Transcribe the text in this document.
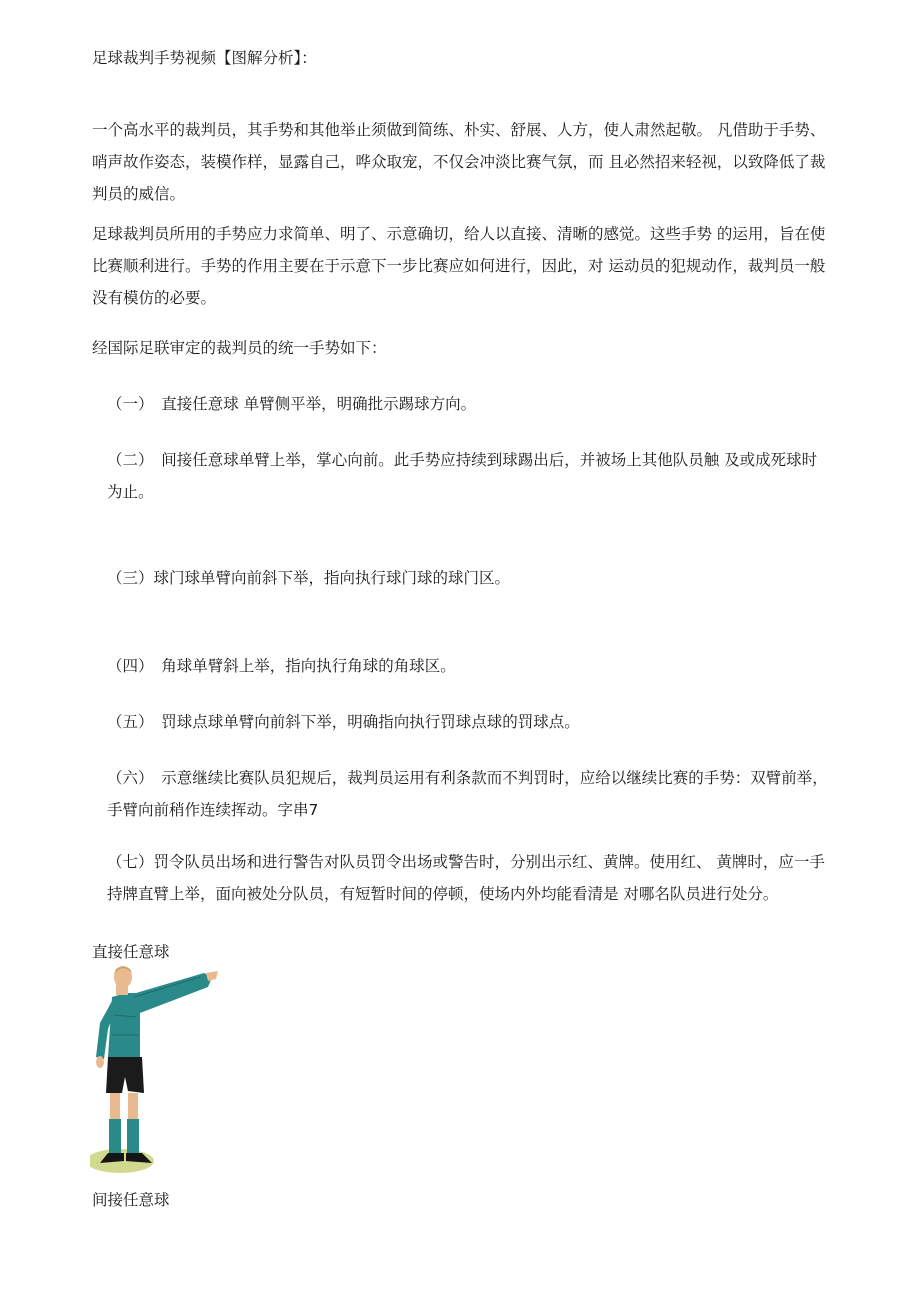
足球裁判手势视频【图解分析】：

一个高水平的裁判员，其手势和其他举止须做到简练、朴实、舒展、人方，使人肃然起敬。 凡借助于手势、哨声故作姿态，装模作样，显露自己，哗众取宠，不仅会冲淡比赛气氛，而 且必然招来轻视，以致降低了裁判员的威信。

足球裁判员所用的手势应力求简单、明了、示意确切，给人以直接、清晰的感觉。这些手势 的运用，旨在使比赛顺利进行。手势的作用主要在于示意下一步比赛应如何进行，因此，对 运动员的犯规动作，裁判员一般没有模仿的必要。

经国际足联审定的裁判员的统一手势如下：

（一）　直接任意球 单臂侧平举，明确批示踢球方向。

（二）　间接任意球单臂上举，掌心向前。此手势应持续到球踢出后，并被场上其他队员触 及或成死球时为止。

（三）球门球单臂向前斜下举，指向执行球门球的球门区。

（四）　角球单臂斜上举，指向执行角球的角球区。

（五）　罚球点球单臂向前斜下举，明确指向执行罚球点球的罚球点。

（六）　示意继续比赛队员犯规后，裁判员运用有利条款而不判罚时，应给以继续比赛的手势：双臂前举，手臂向前稍作连续挥动。字串7

（七）罚令队员出场和进行警告对队员罚令出场或警告时，分别出示红、黄牌。使用红、 黄牌时，应一手持牌直臂上举，面向被处分队员，有短暂时间的停顿，使场内外均能看清是 对哪名队员进行处分。

直接任意球
间接任意球
